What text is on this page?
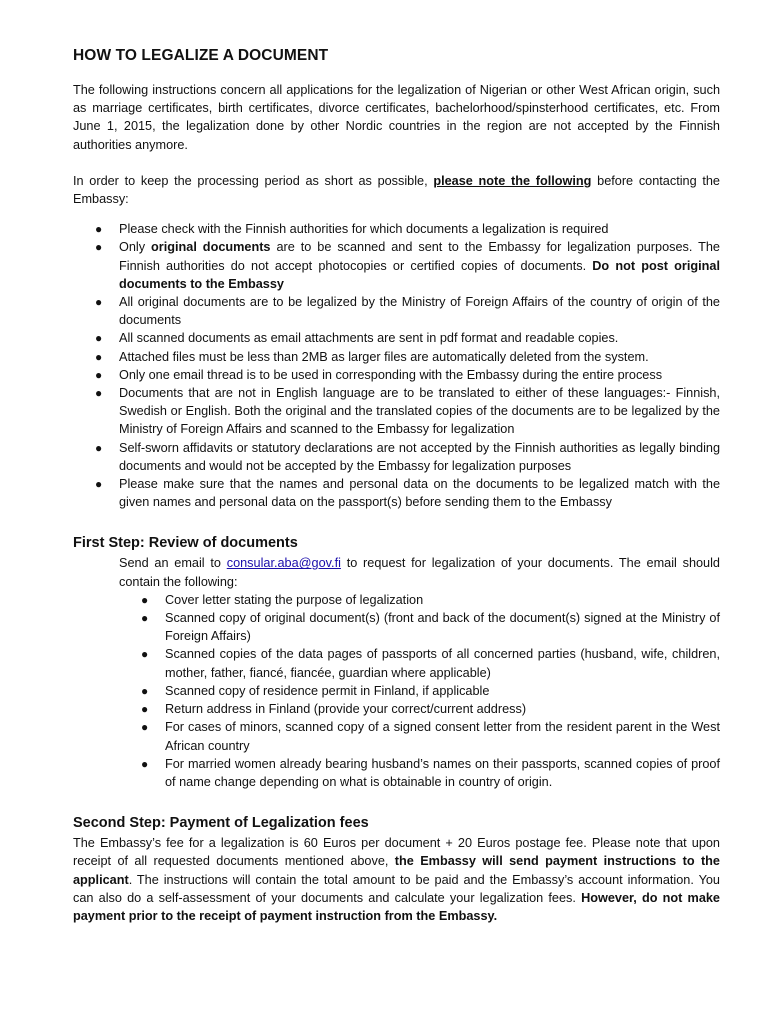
HOW TO LEGALIZE A DOCUMENT

The following instructions concern all applications for the legalization of Nigerian or other West African origin, such as marriage certificates, birth certificates, divorce certificates, bachelorhood/spinsterhood certificates, etc. From June 1, 2015, the legalization done by other Nordic countries in the region are not accepted by the Finnish authorities anymore.

In order to keep the processing period as short as possible, please note the following before contacting the Embassy:

● Please check with the Finnish authorities for which documents a legalization is required
● Only original documents are to be scanned and sent to the Embassy for legalization purposes. The Finnish authorities do not accept photocopies or certified copies of documents. Do not post original documents to the Embassy
● All original documents are to be legalized by the Ministry of Foreign Affairs of the country of origin of the documents
● All scanned documents as email attachments are sent in pdf format and readable copies.
● Attached files must be less than 2MB as larger files are automatically deleted from the system.
● Only one email thread is to be used in corresponding with the Embassy during the entire process
● Documents that are not in English language are to be translated to either of these languages:- Finnish, Swedish or English. Both the original and the translated copies of the documents are to be legalized by the Ministry of Foreign Affairs and scanned to the Embassy for legalization
● Self-sworn affidavits or statutory declarations are not accepted by the Finnish authorities as legally binding documents and would not be accepted by the Embassy for legalization purposes
● Please make sure that the names and personal data on the documents to be legalized match with the given names and personal data on the passport(s) before sending them to the Embassy
First Step: Review of documents

Send an email to consular.aba@gov.fi to request for legalization of your documents. The email should contain the following:

● Cover letter stating the purpose of legalization
● Scanned copy of original document(s) (front and back of the document(s) signed at the Ministry of Foreign Affairs)
● Scanned copies of the data pages of passports of all concerned parties (husband, wife, children, mother, father, fiancé, fiancée, guardian where applicable)
● Scanned copy of residence permit in Finland, if applicable
● Return address in Finland (provide your correct/current address)
● For cases of minors, scanned copy of a signed consent letter from the resident parent in the West African country
● For married women already bearing husband’s names on their passports, scanned copies of proof of name change depending on what is obtainable in country of origin.
Second Step: Payment of Legalization fees

The Embassy’s fee for a legalization is 60 Euros per document + 20 Euros postage fee. Please note that upon receipt of all requested documents mentioned above, the Embassy will send payment instructions to the applicant. The instructions will contain the total amount to be paid and the Embassy’s account information. You can also do a self-assessment of your documents and calculate your legalization fees. However, do not make payment prior to the receipt of payment instruction from the Embassy.
